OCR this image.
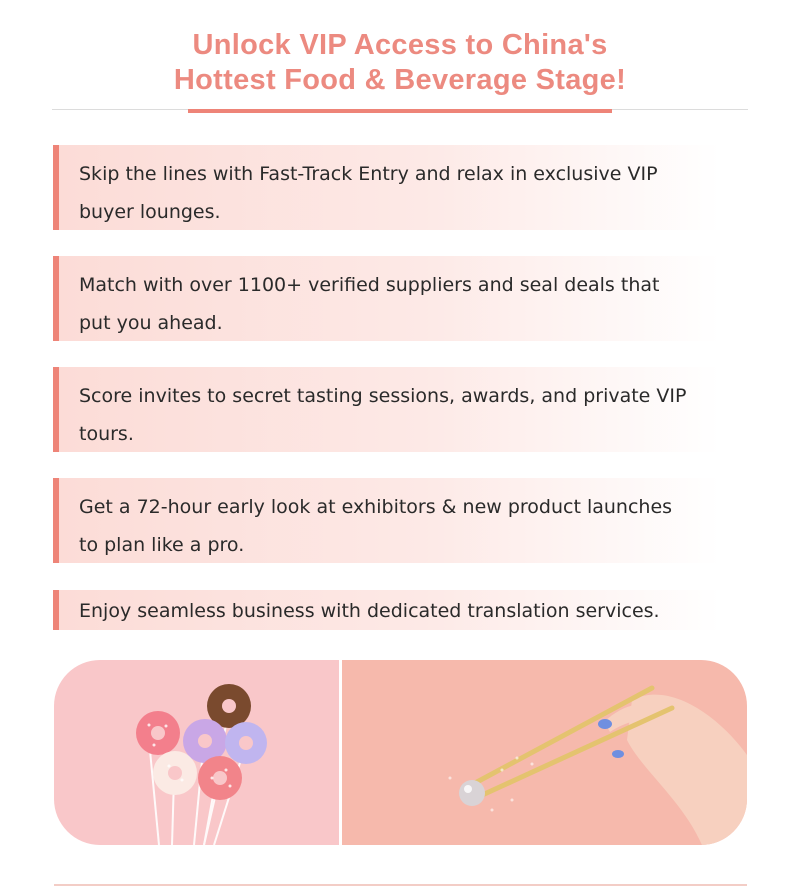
Unlock VIP Access to China's
Hottest Food & Beverage Stage!
Skip the lines with Fast-Track Entry and relax in exclusive VIP
buyer lounges.
Match with over 1100+ verified suppliers and seal deals that
put you ahead.
Score invites to secret tasting sessions, awards, and private VIP
tours.
Get a 72-hour early look at exhibitors & new product launches
to plan like a pro.
Enjoy seamless business with dedicated translation services.
